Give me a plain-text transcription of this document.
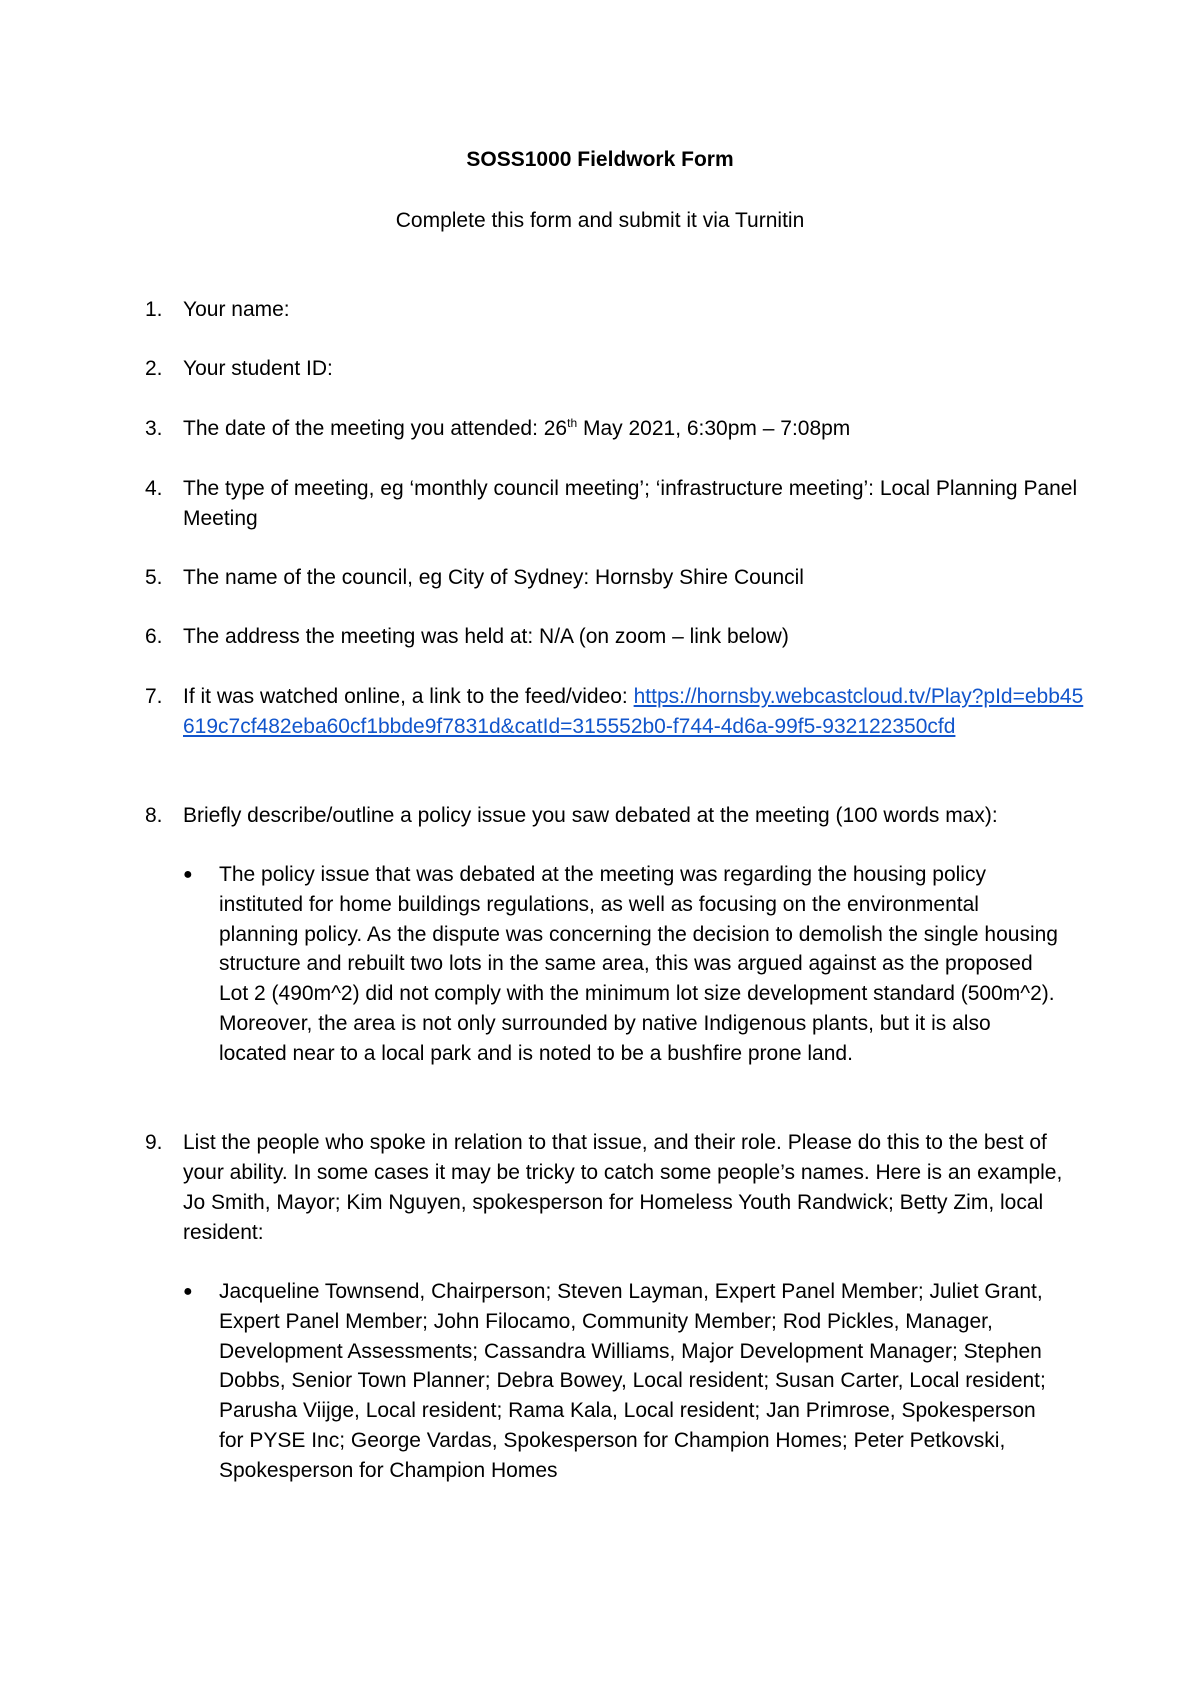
SOSS1000 Fieldwork Form
Complete this form and submit it via Turnitin
1. Your name:
2. Your student ID:
3. The date of the meeting you attended: 26th May 2021, 6:30pm – 7:08pm
4. The type of meeting, eg ‘monthly council meeting’; ‘infrastructure meeting’: Local Planning Panel Meeting
5. The name of the council, eg City of Sydney: Hornsby Shire Council
6. The address the meeting was held at: N/A (on zoom – link below)
7. If it was watched online, a link to the feed/video: https://hornsby.webcastcloud.tv/Play?pId=ebb45619c7cf482eba60cf1bbde9f7831d&catId=315552b0-f744-4d6a-99f5-932122350cfd
8. Briefly describe/outline a policy issue you saw debated at the meeting (100 words max):
●	The policy issue that was debated at the meeting was regarding the housing policy instituted for home buildings regulations, as well as focusing on the environmental planning policy. As the dispute was concerning the decision to demolish the single housing structure and rebuilt two lots in the same area, this was argued against as the proposed Lot 2 (490m^2) did not comply with the minimum lot size development standard (500m^2). Moreover, the area is not only surrounded by native Indigenous plants, but it is also located near to a local park and is noted to be a bushfire prone land.
9. List the people who spoke in relation to that issue, and their role. Please do this to the best of your ability. In some cases it may be tricky to catch some people’s names. Here is an example, Jo Smith, Mayor; Kim Nguyen, spokesperson for Homeless Youth Randwick; Betty Zim, local resident:
●	Jacqueline Townsend, Chairperson; Steven Layman, Expert Panel Member; Juliet Grant, Expert Panel Member; John Filocamo, Community Member; Rod Pickles, Manager, Development Assessments; Cassandra Williams, Major Development Manager; Stephen Dobbs, Senior Town Planner; Debra Bowey, Local resident; Susan Carter, Local resident; Parusha Viijge, Local resident; Rama Kala, Local resident; Jan Primrose, Spokesperson for PYSE Inc; George Vardas, Spokesperson for Champion Homes; Peter Petkovski, Spokesperson for Champion Homes
